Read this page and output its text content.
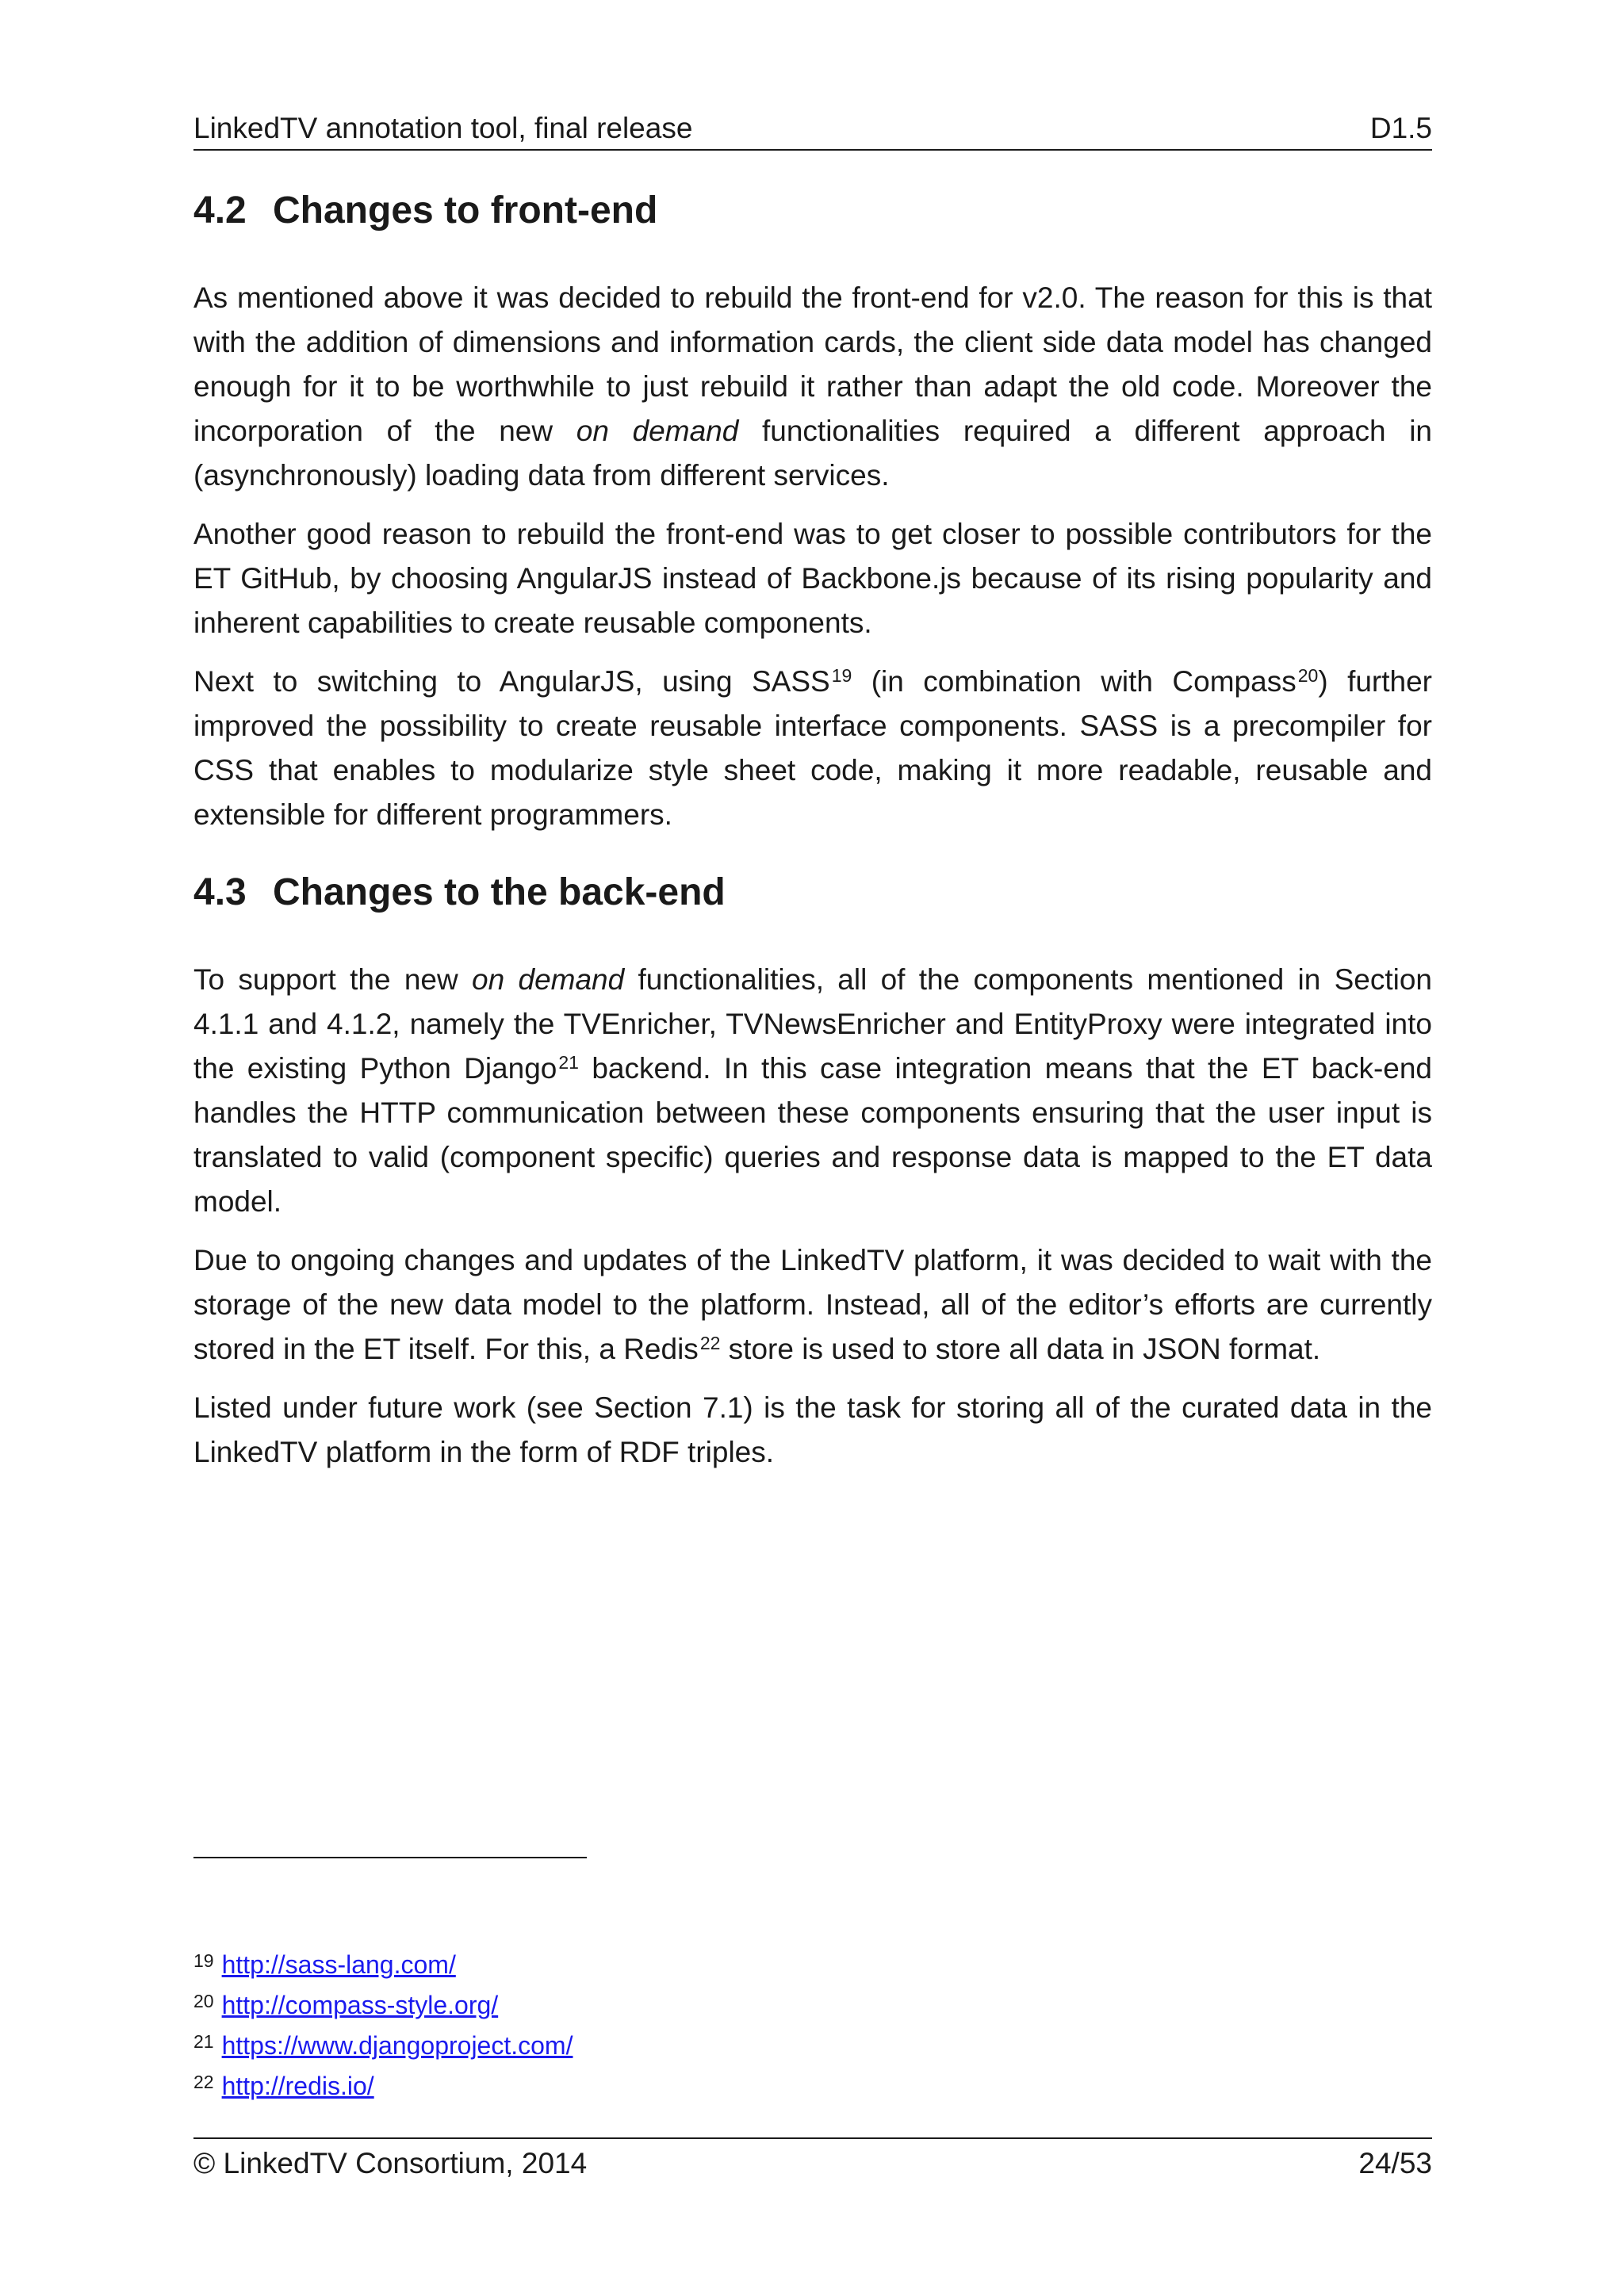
LinkedTV annotation tool, final release	D1.5
4.2 Changes to front-end

As mentioned above it was decided to rebuild the front-end for v2.0. The reason for this is that with the addition of dimensions and information cards, the client side data model has changed enough for it to be worthwhile to just rebuild it rather than adapt the old code. Moreover the incorporation of the new on demand functionalities required a different approach in (asynchronously) loading data from different services.

Another good reason to rebuild the front-end was to get closer to possible contributors for the ET GitHub, by choosing AngularJS instead of Backbone.js because of its rising popularity and inherent capabilities to create reusable components.

Next to switching to AngularJS, using SASS$^{19}$ (in combination with Compass$^{20}$) further improved the possibility to create reusable interface components. SASS is a precompiler for CSS that enables to modularize style sheet code, making it more readable, reusable and extensible for different programmers.

4.3 Changes to the back-end

To support the new on demand functionalities, all of the components mentioned in Section 4.1.1 and 4.1.2, namely the TVEnricher, TVNewsEnricher and EntityProxy were integrated into the existing Python Django$^{21}$ backend. In this case integration means that the ET back-end handles the HTTP communication between these components ensuring that the user input is translated to valid (component specific) queries and response data is mapped to the ET data model.

Due to ongoing changes and updates of the LinkedTV platform, it was decided to wait with the storage of the new data model to the platform. Instead, all of the editor’s efforts are currently stored in the ET itself. For this, a Redis$^{22}$ store is used to store all data in JSON format.

Listed under future work (see Section 7.1) is the task for storing all of the curated data in the LinkedTV platform in the form of RDF triples.

$^{19}$ http://sass-lang.com/
$^{20}$ http://compass-style.org/
$^{21}$ https://www.djangoproject.com/
$^{22}$ http://redis.io/
© LinkedTV Consortium, 2014	24/53
